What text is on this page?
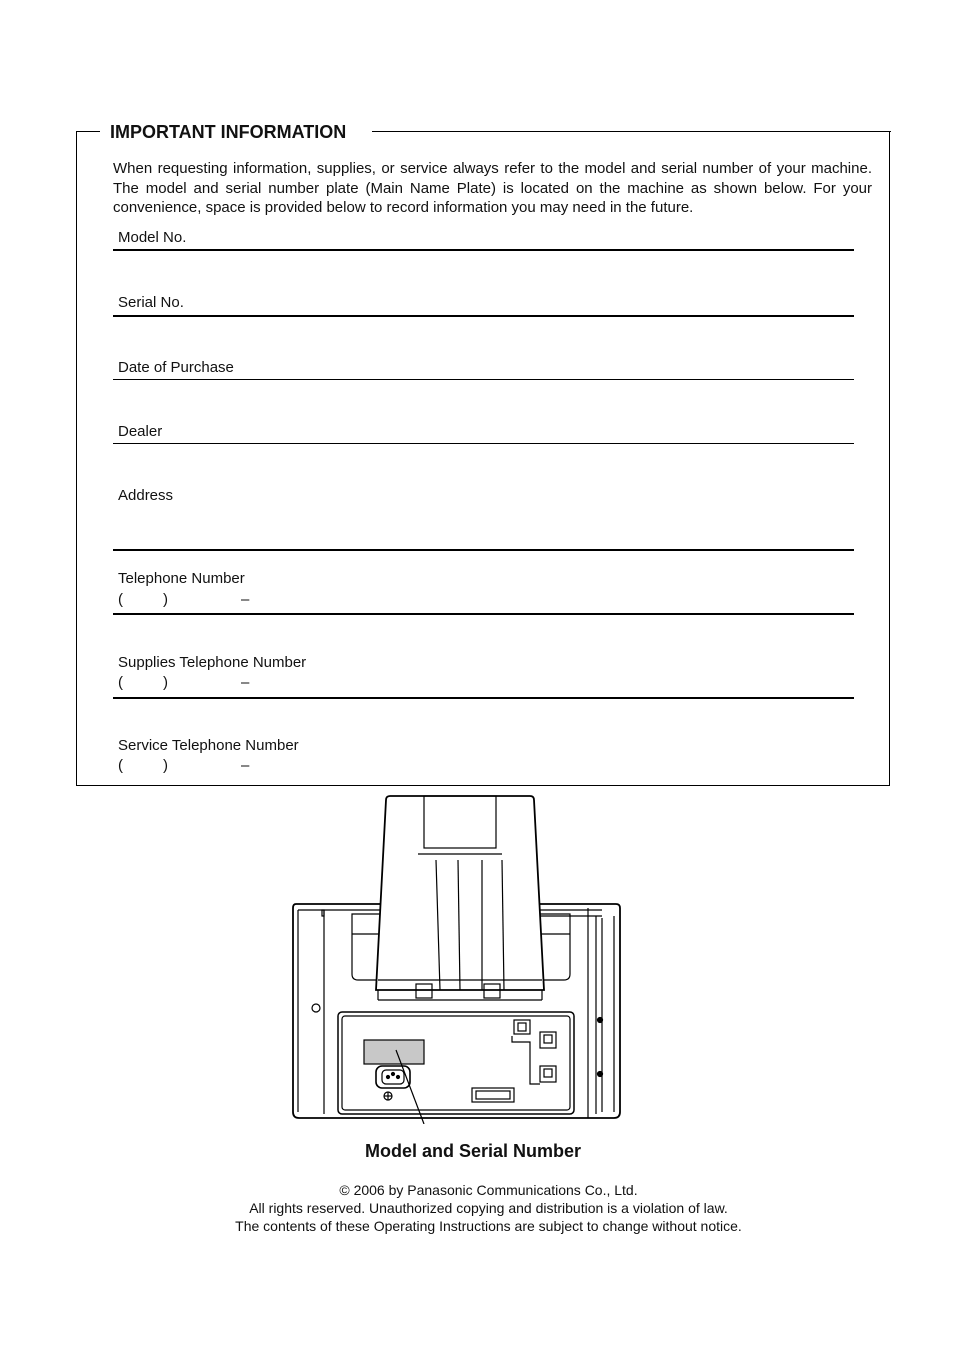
IMPORTANT INFORMATION
When requesting information, supplies, or service always refer to the model and serial number of your machine. The model and serial number plate (Main Name Plate) is located on the machine as shown below. For your convenience, space is provided below to record information you may need in the future.
Model No.
Serial No.
Date of Purchase
Dealer
Address
Telephone Number
(	)	–
Supplies Telephone Number
(	)	–
Service Telephone Number
(	)	–
Model and Serial Number
© 2006 by Panasonic Communications Co., Ltd.
All rights reserved. Unauthorized copying and distribution is a violation of law.
The contents of these Operating Instructions are subject to change without notice.
